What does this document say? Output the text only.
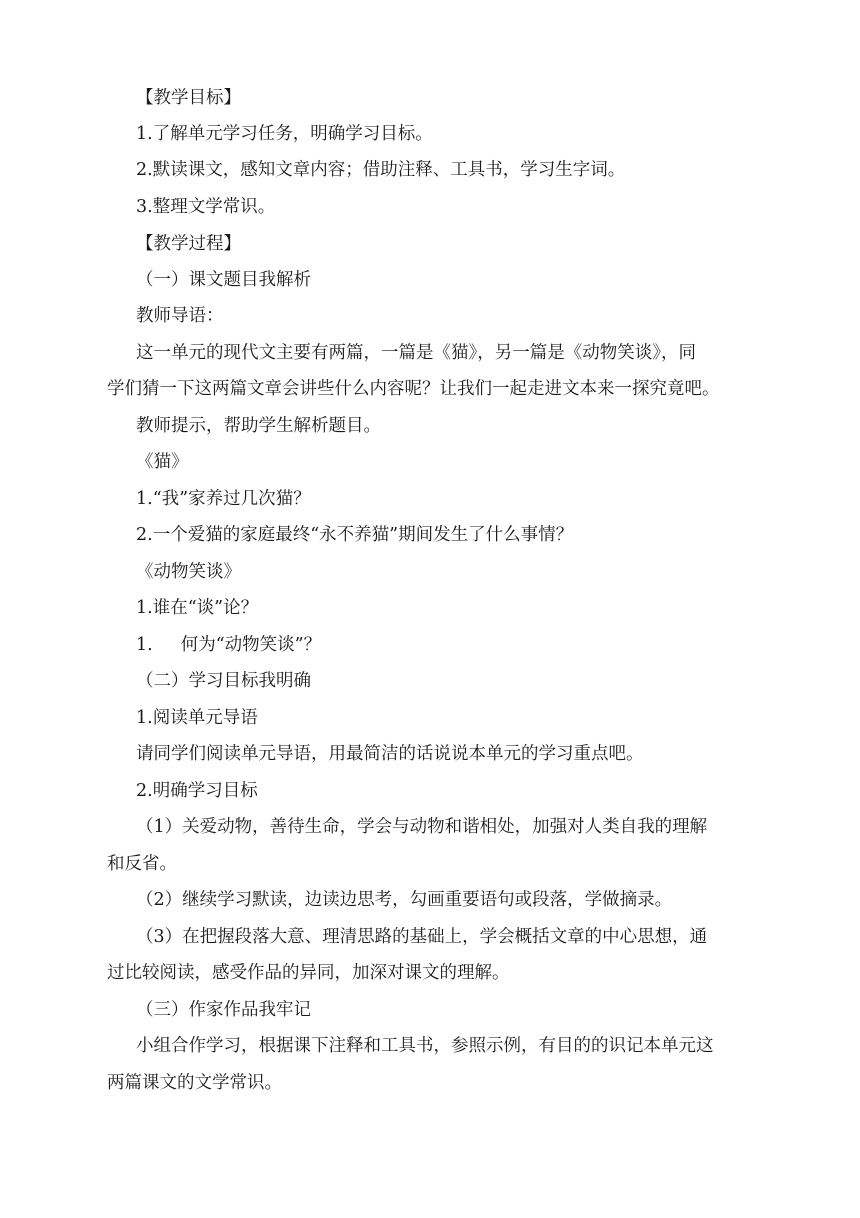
【教学目标】
1.了解单元学习任务，明确学习目标。
2.默读课文，感知文章内容；借助注释、工具书，学习生字词。
3.整理文学常识。
【教学过程】
（一）课文题目我解析
教师导语：
这一单元的现代文主要有两篇，一篇是《猫》，另一篇是《动物笑谈》，同
学们猜一下这两篇文章会讲些什么内容呢？让我们一起走进文本来一探究竟吧。
教师提示，帮助学生解析题目。
《猫》
1.“我”家养过几次猫？
2.一个爱猫的家庭最终“永不养猫”期间发生了什么事情？
《动物笑谈》
1.谁在“谈”论？
1. 何为“动物笑谈”？
（二）学习目标我明确
1.阅读单元导语
请同学们阅读单元导语，用最简洁的话说说本单元的学习重点吧。
2.明确学习目标
（1）关爱动物，善待生命，学会与动物和谐相处，加强对人类自我的理解
和反省。
（2）继续学习默读，边读边思考，勾画重要语句或段落，学做摘录。
（3）在把握段落大意、理清思路的基础上，学会概括文章的中心思想，通
过比较阅读，感受作品的异同，加深对课文的理解。
（三）作家作品我牢记
小组合作学习，根据课下注释和工具书，参照示例，有目的的识记本单元这
两篇课文的文学常识。
